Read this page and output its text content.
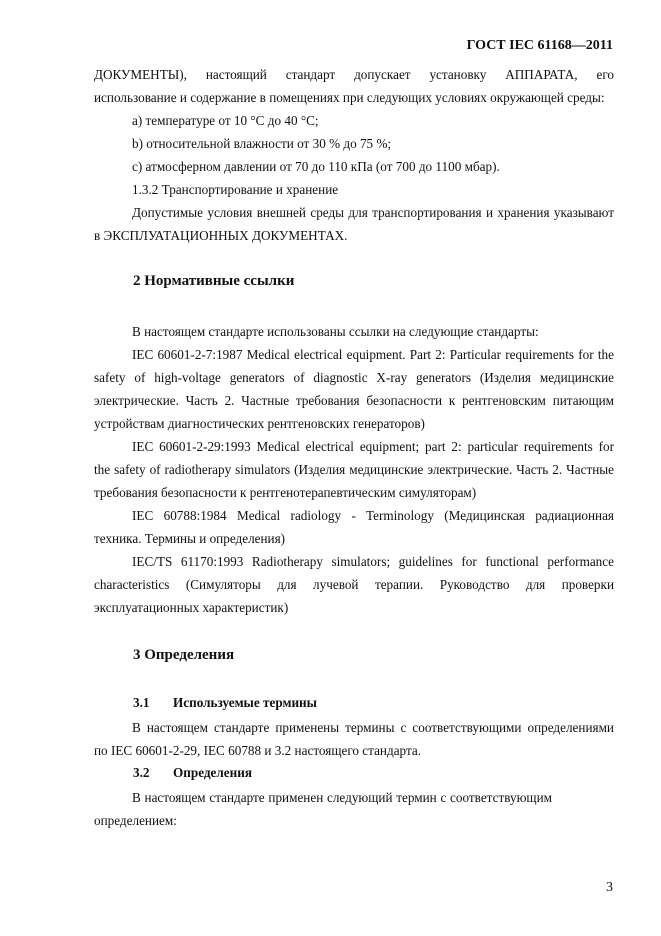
ГОСТ IEC 61168—2011
ДОКУМЕНТЫ), настоящий стандарт допускает установку АППАРАТА, его
использование и содержание в помещениях при следующих условиях окружающей среды:
a) температуре от 10 °С до 40 °С;
b) относительной влажности от 30 % до 75 %;
c) атмосферном давлении от 70 до 110 кПа (от 700 до 1100 мбар).
1.3.2 Транспортирование и хранение
Допустимые условия внешней среды для транспортирования и хранения указывают
в ЭКСПЛУАТАЦИОННЫХ ДОКУМЕНТАХ.
2 Нормативные ссылки
В настоящем стандарте использованы ссылки на следующие стандарты:
IEC 60601-2-7:1987 Medical electrical equipment. Part 2: Particular requirements for the
safety of high-voltage generators of diagnostic X-ray generators (Изделия медицинские
электрические. Часть 2. Частные требования безопасности к рентгеновским питающим
устройствам диагностических рентгеновских генераторов)
IEC 60601-2-29:1993 Medical electrical equipment; part 2: particular requirements for
the safety of radiotherapy simulators (Изделия медицинские электрические. Часть 2. Частные
требования безопасности к рентгенотерапевтическим симуляторам)
IEC 60788:1984 Medical radiology - Terminology (Медицинская радиационная
техника. Термины и определения)
IEC/TS 61170:1993 Radiotherapy simulators; guidelines for functional performance
characteristics (Симуляторы для лучевой терапии. Руководство для проверки
эксплуатационных характеристик)
3 Определения
3.1 Используемые термины
В настоящем стандарте применены термины с соответствующими определениями
по IEC 60601-2-29, IEC 60788 и 3.2 настоящего стандарта.
3.2 Определения
В настоящем стандарте применен следующий термин с соответствующим
определением:
3
